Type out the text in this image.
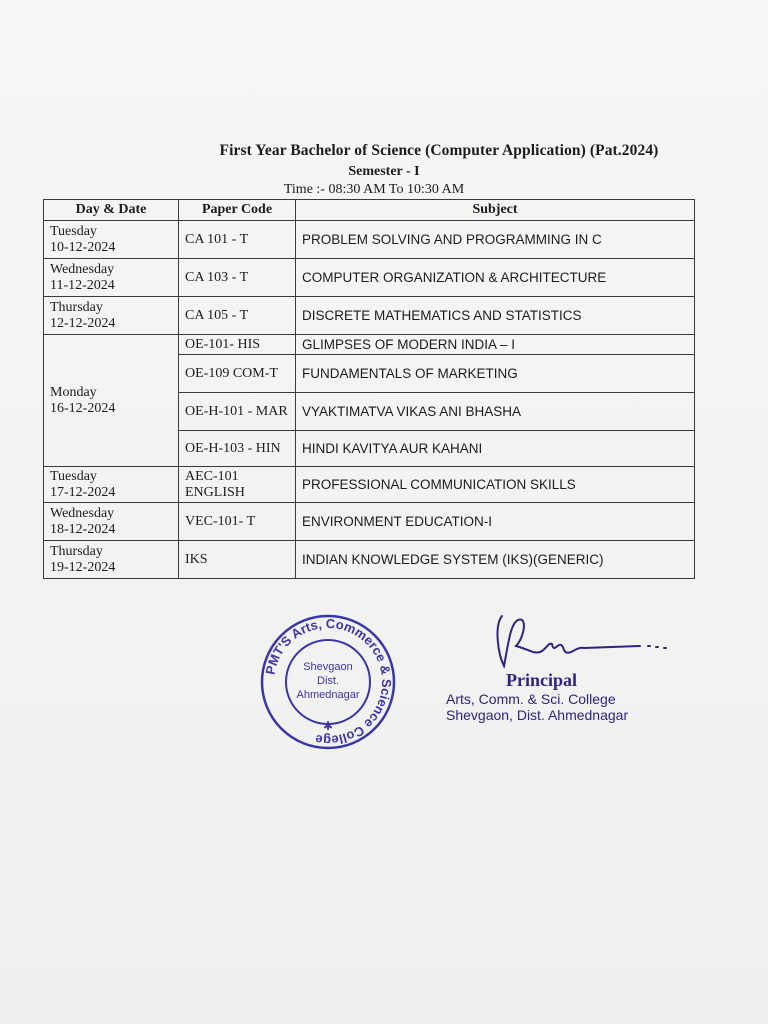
First Year Bachelor of Science (Computer Application) (Pat.2024)
Semester - I
Time :- 08:30 AM To 10:30 AM
Day & Date	Paper Code	Subject

Tuesday
10-12-2024	CA 101 - T	PROBLEM SOLVING AND PROGRAMMING IN C

Wednesday
11-12-2024	CA 103 - T	COMPUTER ORGANIZATION & ARCHITECTURE

Thursday
12-12-2024	CA 105 - T	DISCRETE MATHEMATICS AND STATISTICS

Monday
16-12-2024	OE-101- HIS	GLIMPSES OF MODERN INDIA – I
	OE-109 COM-T	FUNDAMENTALS OF MARKETING
	OE-H-101 - MAR	VYAKTIMATVA VIKAS ANI BHASHA
	OE-H-103 - HIN	HINDI KAVITYA AUR KAHANI

Tuesday
17-12-2024	AEC-101 ENGLISH	PROFESSIONAL COMMUNICATION SKILLS

Wednesday
18-12-2024	VEC-101- T	ENVIRONMENT EDUCATION-I

Thursday
19-12-2024	IKS	INDIAN KNOWLEDGE SYSTEM (IKS)(GENERIC)
PMT'S Arts, Commerce & Science College
Shevgaon
Dist.
Ahmednagar
✱
Principal
Arts, Comm. & Sci. College
Shevgaon, Dist. Ahmednagar
